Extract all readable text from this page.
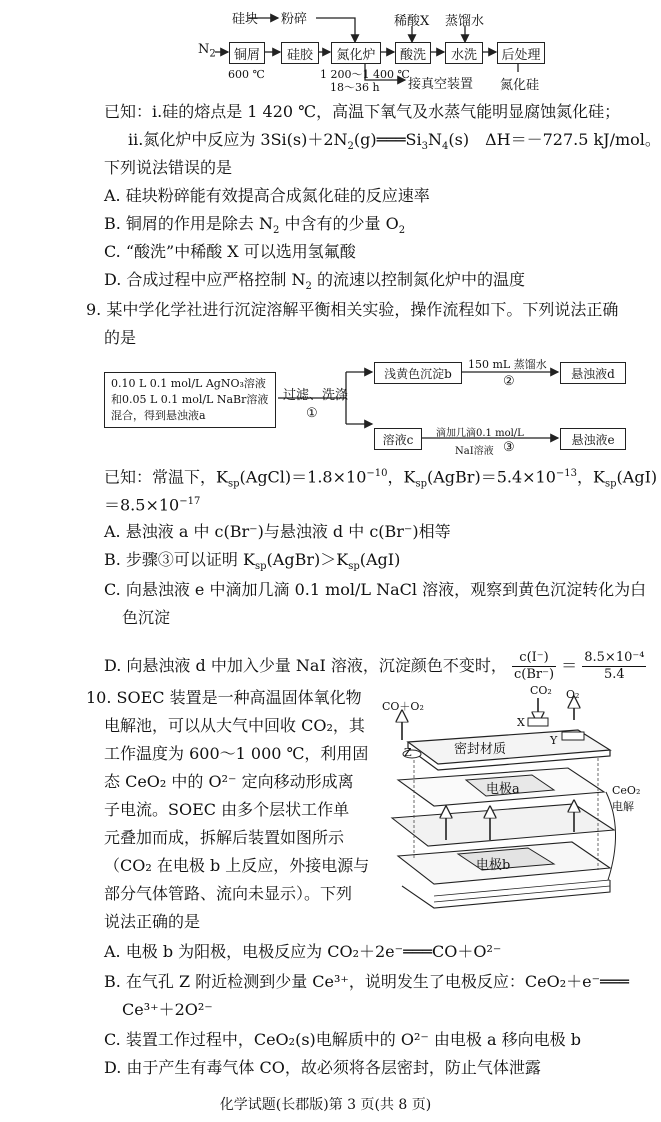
硅块 粉碎	稀酸X 蒸馏水
$N_2$	铜屑	硅胶	氮化炉	酸洗	水洗	后处理
600 ℃	1 200～1 400 ℃
18～36 h 接真空装置 氮化硅
已知：ⅰ.硅的熔点是 1 420 ℃，高温下氧气及水蒸气能明显腐蚀氮化硅；
ⅱ.氮化炉中反应为 $3Si(s)+2N_2(g)═══Si_3N_4(s)$　ΔH＝－727.5 kJ/mol。
下列说法错误的是
A. 硅块粉碎能有效提高合成氮化硅的反应速率
B. 铜屑的作用是除去 $N_2$ 中含有的少量 $O_2$
C. “酸洗”中稀酸 X 可以选用氢氟酸
D. 合成过程中应严格控制 $N_2$ 的流速以控制氮化炉中的温度
9. 某中学化学社进行沉淀溶解平衡相关实验，操作流程如下。下列说法正确
的是
0.10 L 0.1 mol/L AgNO₃溶液
和0.05 L 0.1 mol/L NaBr溶液
混合，得到悬浊液a
过滤、洗涤
①
浅黄色沉淀b
150 mL 蒸馏水
②
悬浊液d
溶液c	滴加几滴0.1 mol/L
NaI溶液 ③
悬浊液e
已知：常温下，$K_{sp}(AgCl)=1.8\times 10^{-10}$，$K_{sp}(AgBr)=5.4\times 10^{-13}$，$K_{sp}(AgI)$
$=8.5\times 10^{-17}$
A. 悬浊液 a 中 c(Br⁻)与悬浊液 d 中 c(Br⁻)相等
B. 步骤③可以证明 $K_{sp}(AgBr)>K_{sp}(AgI)$
C. 向悬浊液 e 中滴加几滴 0.1 mol/L NaCl 溶液，观察到黄色沉淀转化为白
色沉淀
D. 向悬浊液 d 中加入少量 NaI 溶液，沉淀颜色不变时， $\frac{c(I^-)}{c(Br^-)} = \frac{\text{8.5×10⁻⁴}}{5.4}$
10. SOEC 装置是一种高温固体氧化物
电解池，可以从大气中回收 CO₂，其
工作温度为 600～1 000 ℃，利用固
态 CeO₂ 中的 O²⁻ 定向移动形成离
子电流。SOEC 由多个层状工作单
元叠加而成，拆解后装置如图所示
（CO₂ 在电极 b 上反应，外接电源与
部分气体管路、流向未显示）。下列
说法正确的是
CO₂ O₂
CO＋O₂
X
Y
Z	密封材质
电极a
电极b
CeO₂
电解
A. 电极 b 为阳极，电极反应为 CO₂＋2e⁻═══CO＋O²⁻
B. 在气孔 Z 附近检测到少量 Ce³⁺，说明发生了电极反应：CeO₂＋e⁻═══
Ce³⁺＋2O²⁻
C. 装置工作过程中，CeO₂(s)电解质中的 O²⁻ 由电极 a 移向电极 b
D. 由于产生有毒气体 CO，故必须将各层密封，防止气体泄露
化学试题(长郡版)第 3 页(共 8 页)
